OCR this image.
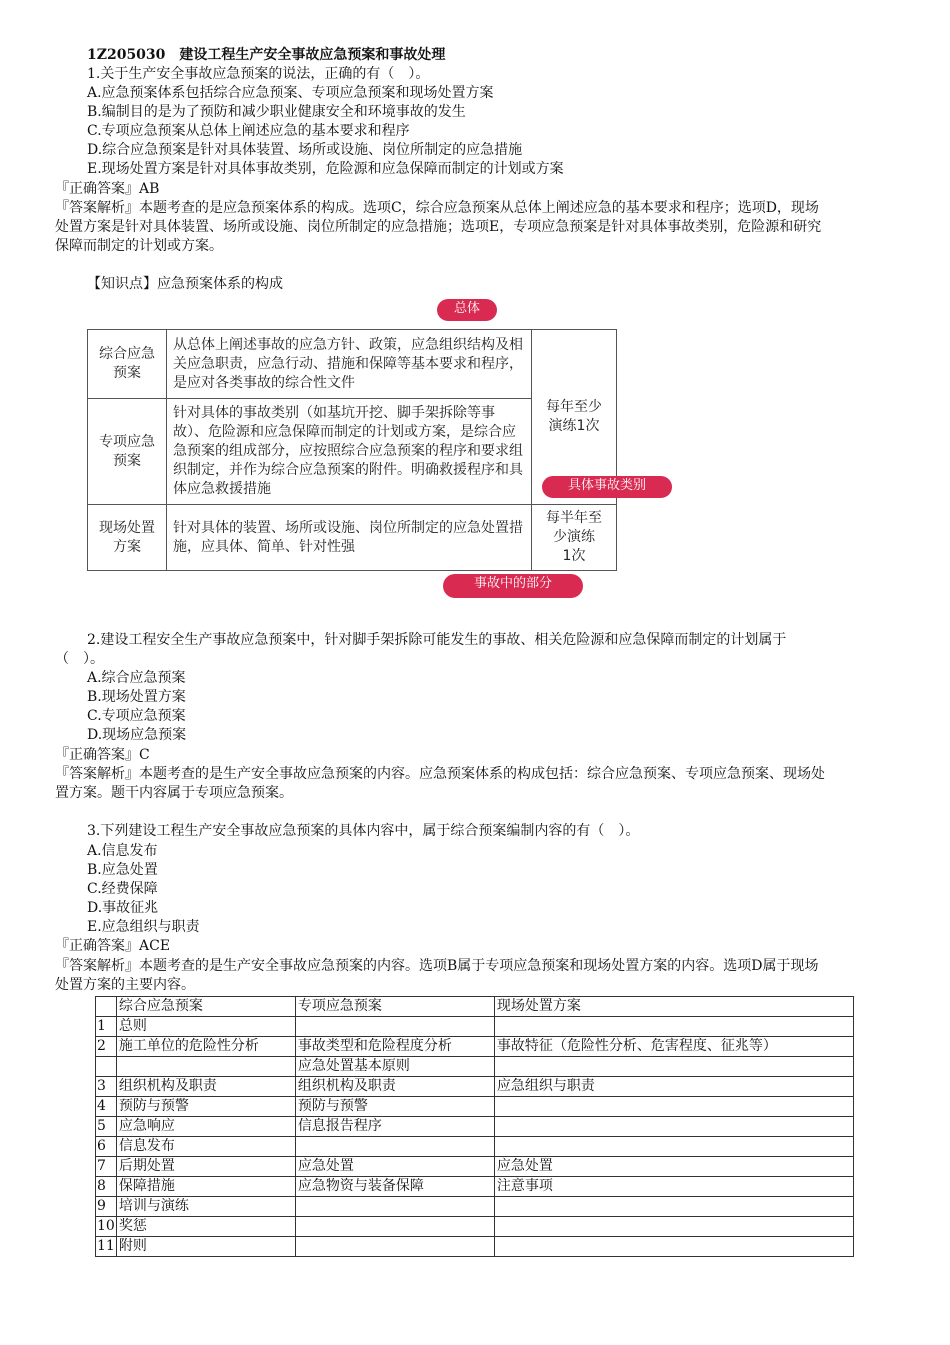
1Z205030　建设工程生产安全事故应急预案和事故处理
1.关于生产安全事故应急预案的说法，正确的有（　）。
A.应急预案体系包括综合应急预案、专项应急预案和现场处置方案
B.编制目的是为了预防和减少职业健康安全和环境事故的发生
C.专项应急预案从总体上阐述应急的基本要求和程序
D.综合应急预案是针对具体装置、场所或设施、岗位所制定的应急措施
E.现场处置方案是针对具体事故类别，危险源和应急保障而制定的计划或方案
『正确答案』AB
『答案解析』本题考查的是应急预案体系的构成。选项C，综合应急预案从总体上阐述应急的基本要求和程序；选项D，现场
处置方案是针对具体装置、场所或设施、岗位所制定的应急措施；选项E，专项应急预案是针对具体事故类别，危险源和研究
保障而制定的计划或方案。
【知识点】应急预案体系的构成
总体
综合应急
预案	从总体上阐述事故的应急方针、政策，应急组织结构及相关应急职责，应急行动、措施和保障等基本要求和程序，是应对各类事故的综合性文件	每年至少
演练1次
专项应急
预案	针对具体的事故类别（如基坑开挖、脚手架拆除等事故）、危险源和应急保障而制定的计划或方案，是综合应急预案的组成部分，应按照综合应急预案的程序和要求组织制定，并作为综合应急预案的附件。明确救援程序和具体应急救援措施	
现场处置
方案	针对具体的装置、场所或设施、岗位所制定的应急处置措施，应具体、简单、针对性强	每半年至
少演练
1次
具体事故类别
事故中的部分
2.建设工程安全生产事故应急预案中，针对脚手架拆除可能发生的事故、相关危险源和应急保障而制定的计划属于
（　）。
A.综合应急预案
B.现场处置方案
C.专项应急预案
D.现场应急预案
『正确答案』C
『答案解析』本题考查的是生产安全事故应急预案的内容。应急预案体系的构成包括：综合应急预案、专项应急预案、现场处
置方案。题干内容属于专项应急预案。
3.下列建设工程生产安全事故应急预案的具体内容中，属于综合预案编制内容的有（　）。
A.信息发布
B.应急处置
C.经费保障
D.事故征兆
E.应急组织与职责
『正确答案』ACE
『答案解析』本题考查的是生产安全事故应急预案的内容。选项B属于专项应急预案和现场处置方案的内容。选项D属于现场
处置方案的主要内容。
	综合应急预案	专项应急预案	现场处置方案
1	总则		
2	施工单位的危险性分析	事故类型和危险程度分析	事故特征（危险性分析、危害程度、征兆等）
		应急处置基本原则	
3	组织机构及职责	组织机构及职责	应急组织与职责
4	预防与预警	预防与预警	
5	应急响应	信息报告程序	
6	信息发布		
7	后期处置	应急处置	应急处置
8	保障措施	应急物资与装备保障	注意事项
9	培训与演练		
10	奖惩		
11	附则		
